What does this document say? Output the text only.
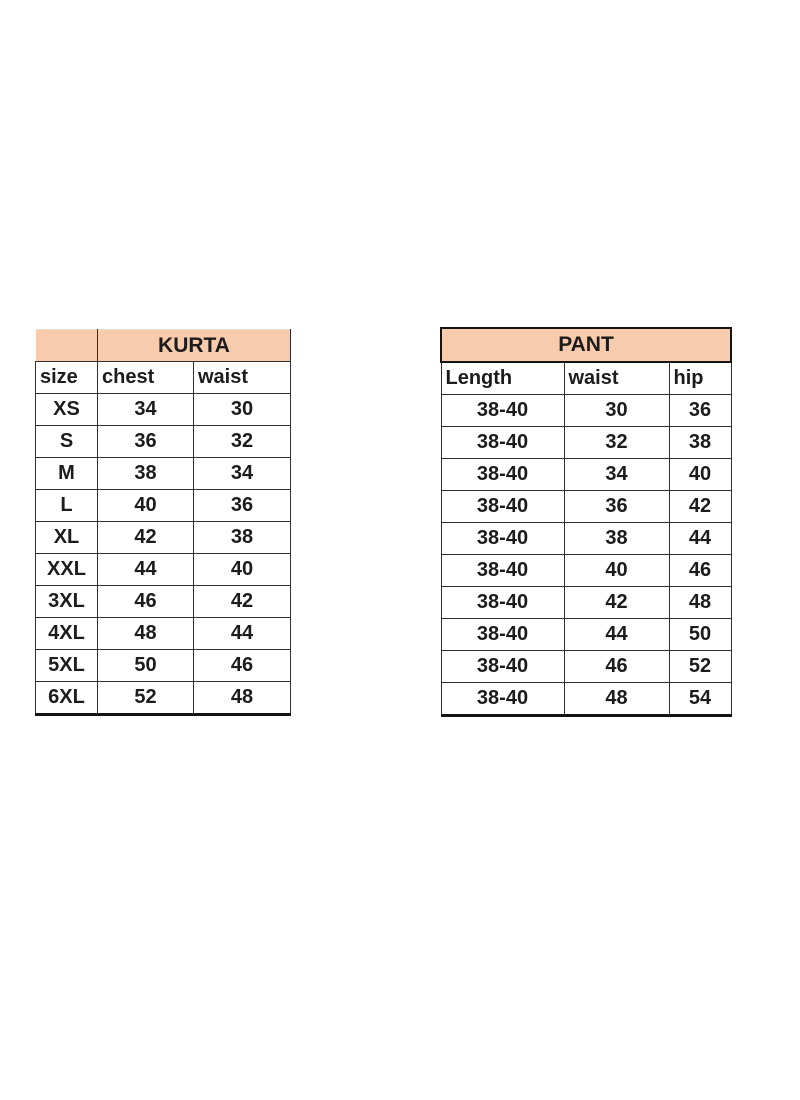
	KURTA	
size	chest	waist
XS	34	30
S	36	32
M	38	34
L	40	36
XL	42	38
XXL	44	40
3XL	46	42
4XL	48	44
5XL	50	46
6XL	52	48
PANT		
Length	waist	hip
38-40	30	36
38-40	32	38
38-40	34	40
38-40	36	42
38-40	38	44
38-40	40	46
38-40	42	48
38-40	44	50
38-40	46	52
38-40	48	54
